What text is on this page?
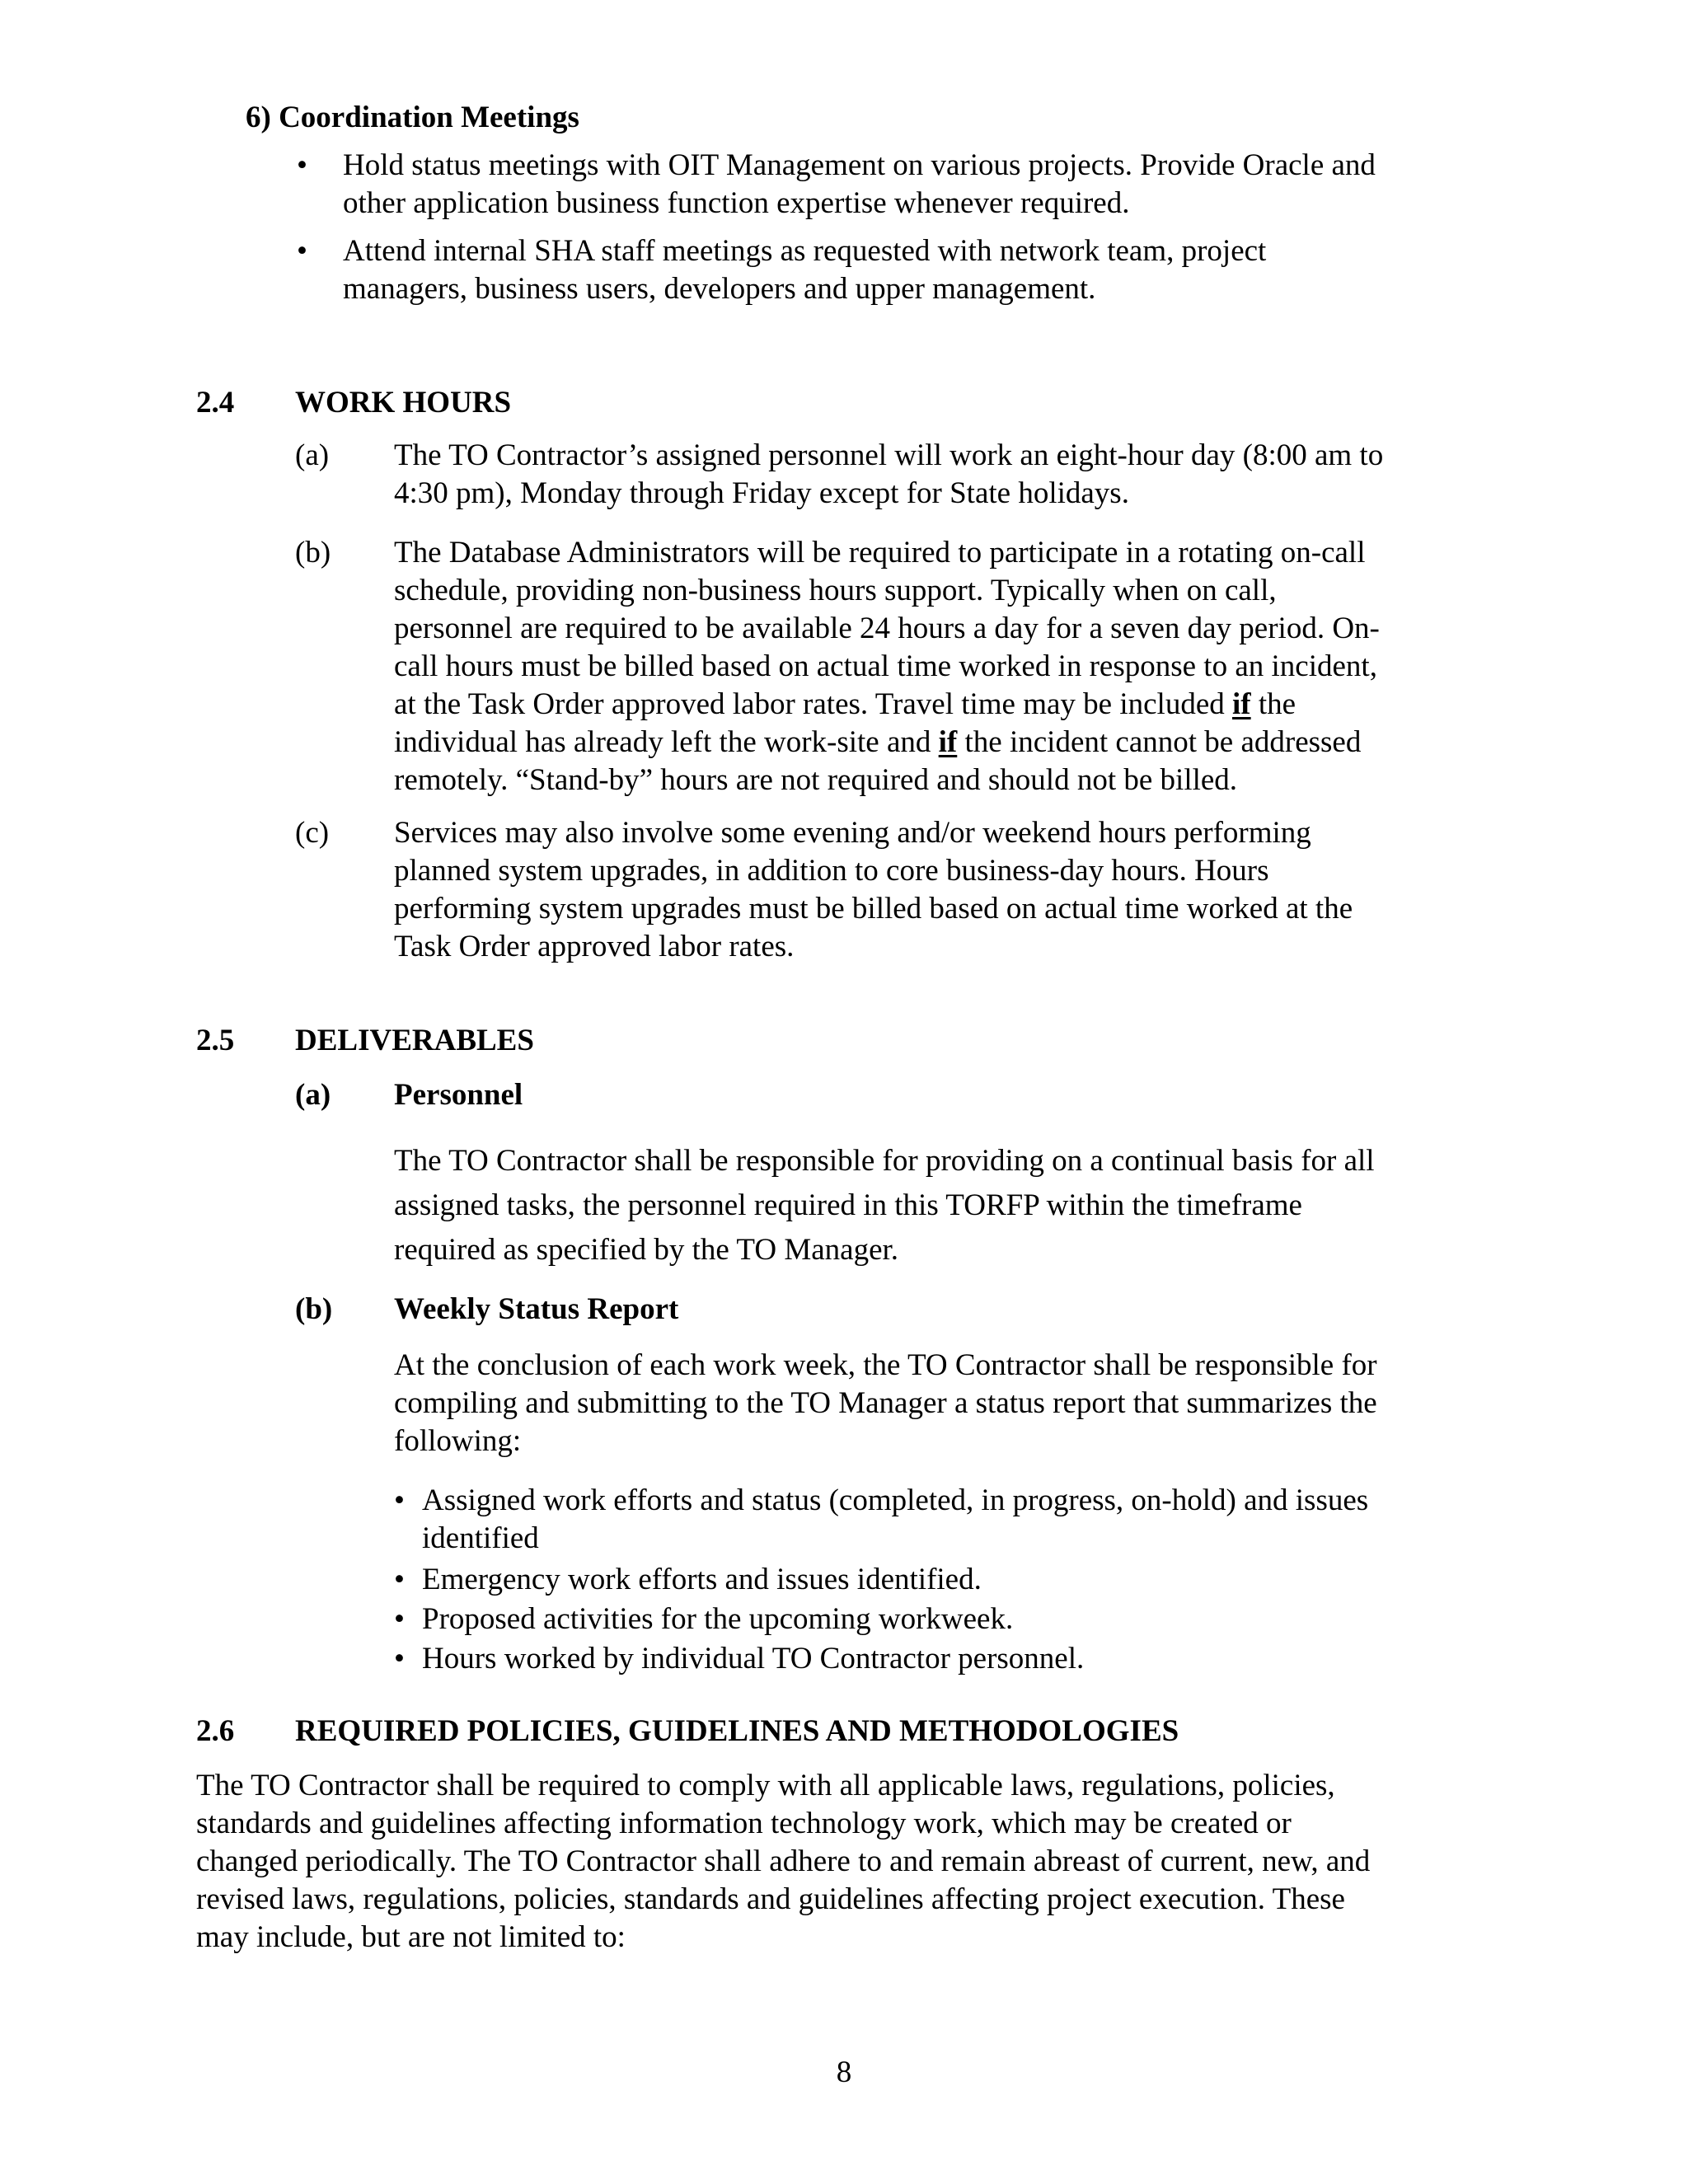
6) Coordination Meetings
• Hold status meetings with OIT Management on various projects. Provide Oracle and
other application business function expertise whenever required.
• Attend internal SHA staff meetings as requested with network team, project
managers, business users, developers and upper management.
2.4 WORK HOURS
(a) The TO Contractor’s assigned personnel will work an eight-hour day (8:00 am to
4:30 pm), Monday through Friday except for State holidays.
(b) The Database Administrators will be required to participate in a rotating on-call
schedule, providing non-business hours support. Typically when on call,
personnel are required to be available 24 hours a day for a seven day period. On-
call hours must be billed based on actual time worked in response to an incident,
at the Task Order approved labor rates. Travel time may be included if the
individual has already left the work-site and if the incident cannot be addressed
remotely. “Stand-by” hours are not required and should not be billed.
(c) Services may also involve some evening and/or weekend hours performing
planned system upgrades, in addition to core business-day hours. Hours
performing system upgrades must be billed based on actual time worked at the
Task Order approved labor rates.
2.5 DELIVERABLES
(a) Personnel
The TO Contractor shall be responsible for providing on a continual basis for all
assigned tasks, the personnel required in this TORFP within the timeframe
required as specified by the TO Manager.
(b) Weekly Status Report
At the conclusion of each work week, the TO Contractor shall be responsible for
compiling and submitting to the TO Manager a status report that summarizes the
following:
• Assigned work efforts and status (completed, in progress, on-hold) and issues
identified
• Emergency work efforts and issues identified.
• Proposed activities for the upcoming workweek.
• Hours worked by individual TO Contractor personnel.
2.6 REQUIRED POLICIES, GUIDELINES AND METHODOLOGIES
The TO Contractor shall be required to comply with all applicable laws, regulations, policies,
standards and guidelines affecting information technology work, which may be created or
changed periodically. The TO Contractor shall adhere to and remain abreast of current, new, and
revised laws, regulations, policies, standards and guidelines affecting project execution. These
may include, but are not limited to:
8
